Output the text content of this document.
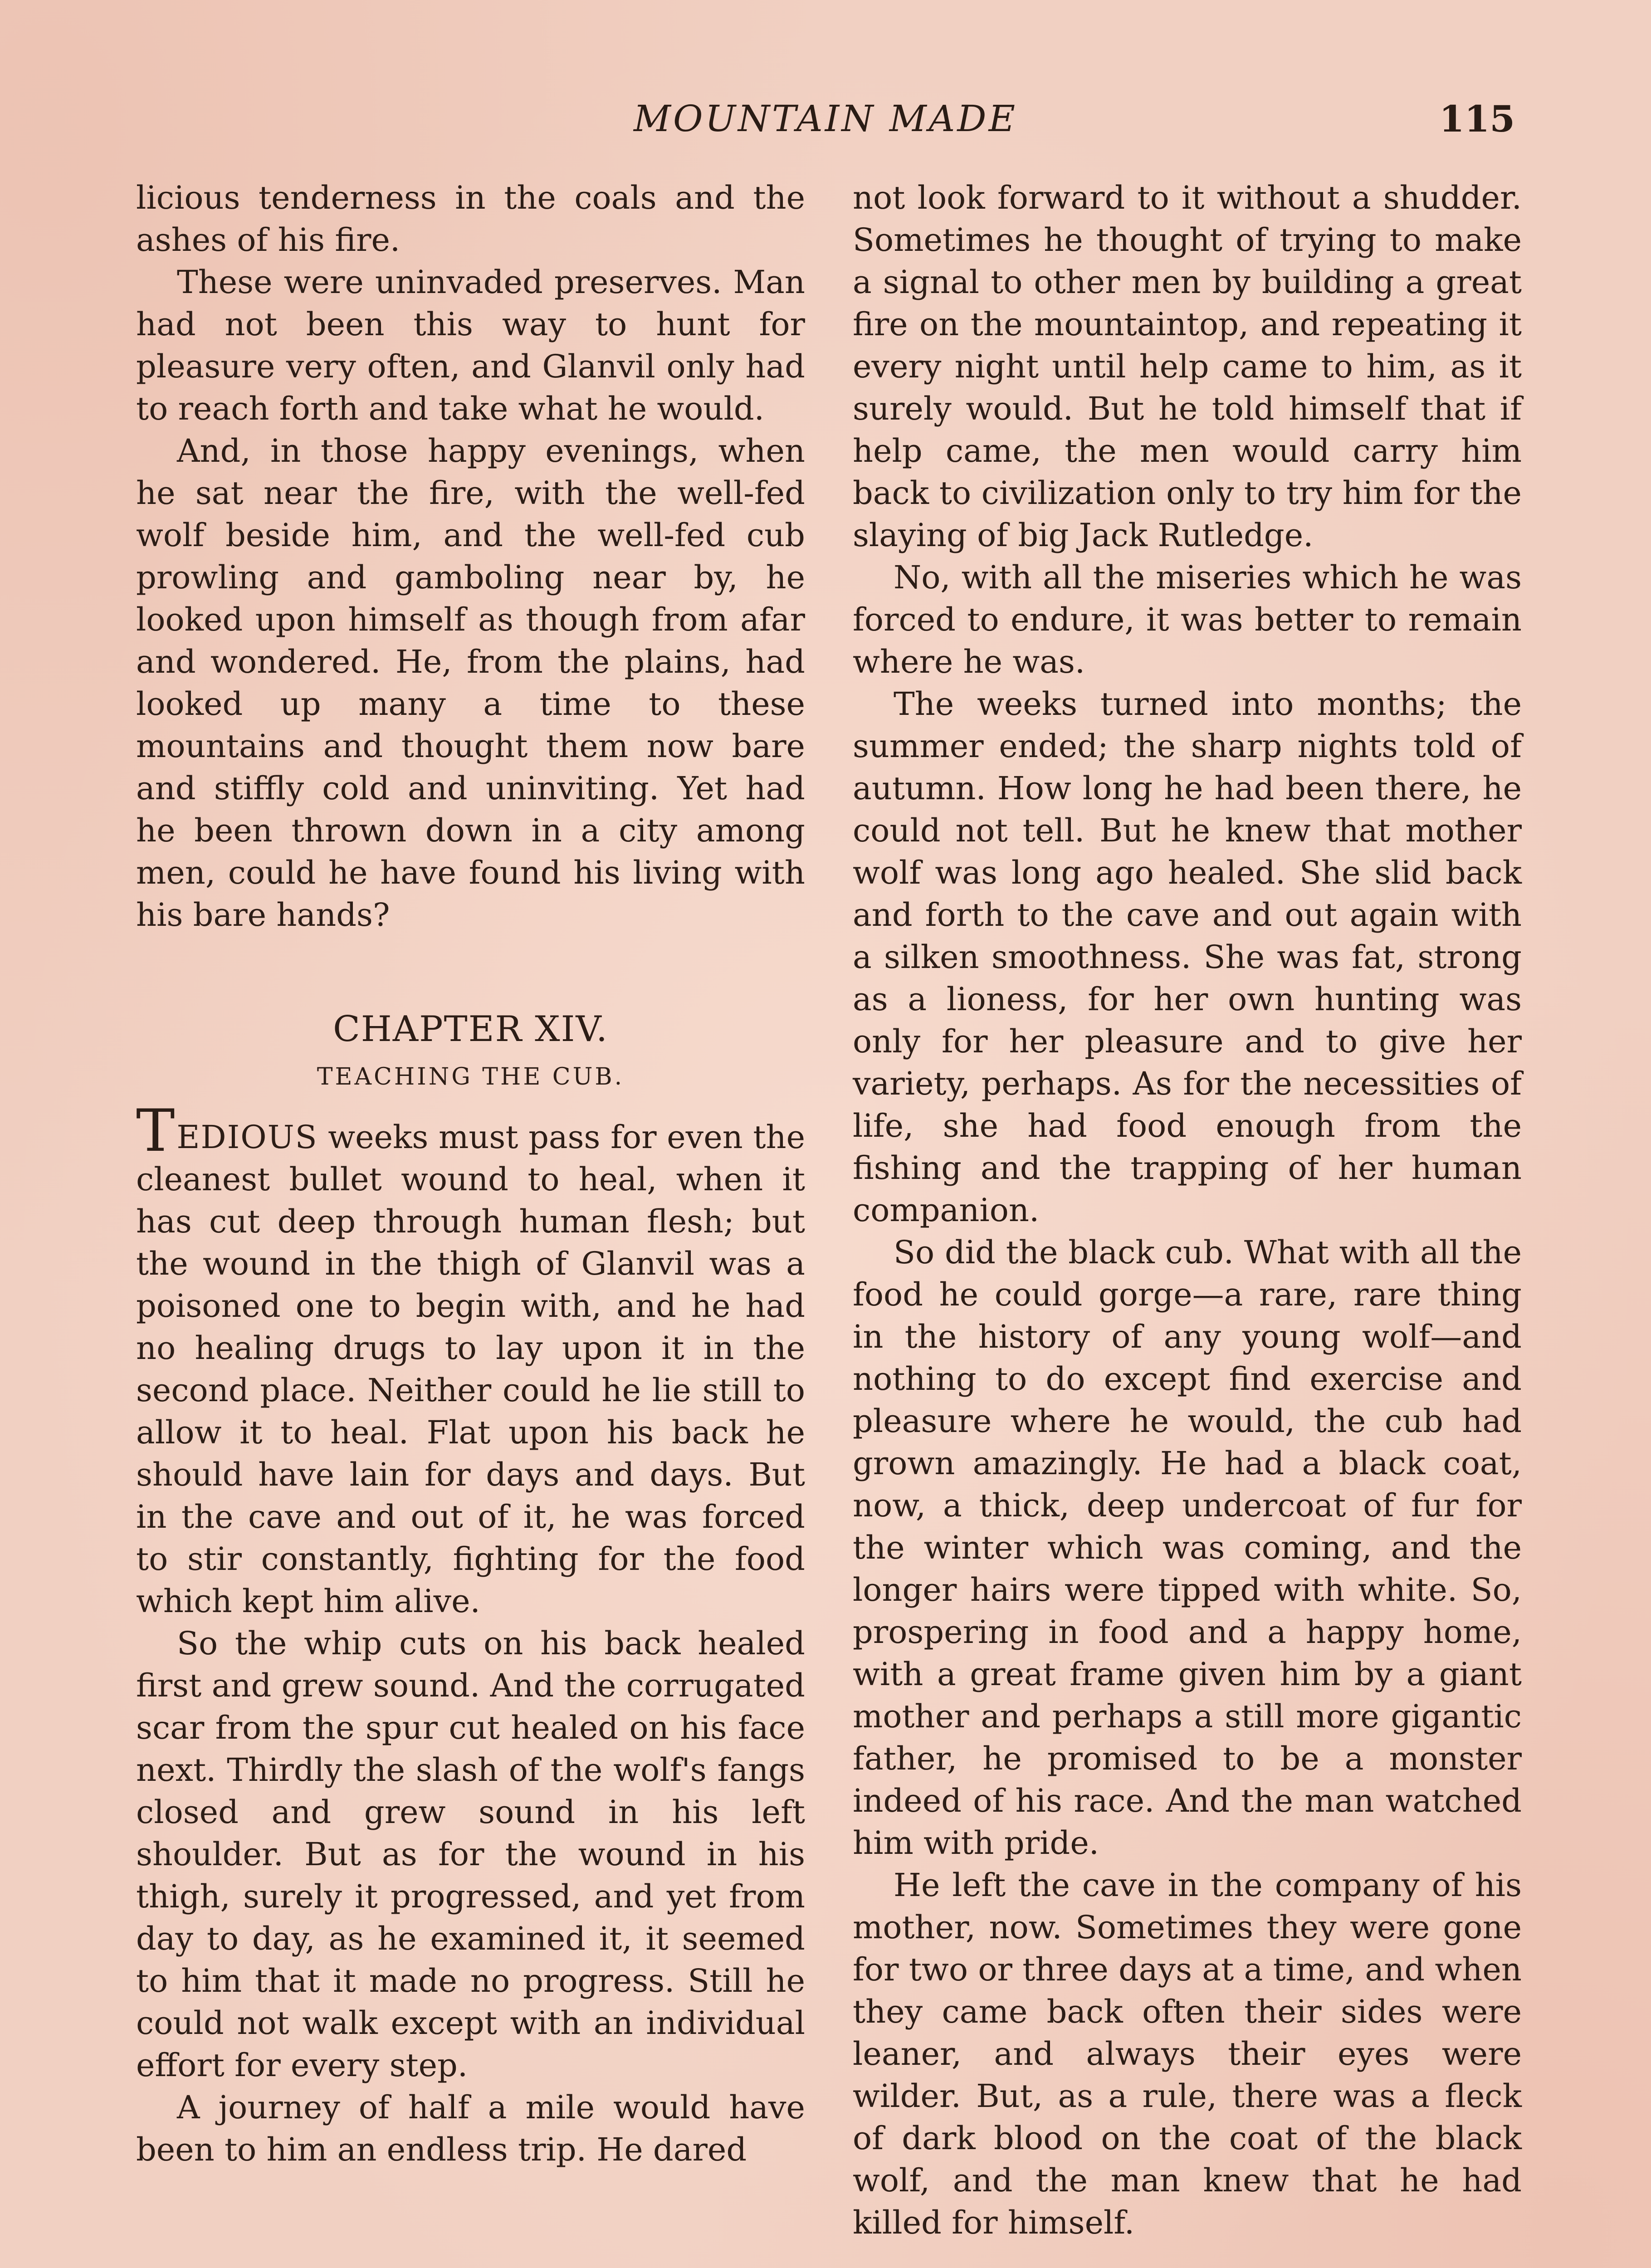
MOUNTAIN MADE	115

licious tenderness in the coals and the ashes of his fire.

These were uninvaded preserves. Man had not been this way to hunt for pleasure very often, and Glanvil only had to reach forth and take what he would.

And, in those happy evenings, when he sat near the fire, with the well-fed wolf beside him, and the well-fed cub prowling and gamboling near by, he looked upon himself as though from afar and wondered. He, from the plains, had looked up many a time to these mountains and thought them now bare and stiffly cold and uninviting. Yet had he been thrown down in a city among men, could he have found his living with his bare hands?

CHAPTER XIV.
TEACHING THE CUB.

TEDIOUS weeks must pass for even the cleanest bullet wound to heal, when it has cut deep through human flesh; but the wound in the thigh of Glanvil was a poisoned one to begin with, and he had no healing drugs to lay upon it in the second place. Neither could he lie still to allow it to heal. Flat upon his back he should have lain for days and days. But in the cave and out of it, he was forced to stir constantly, fighting for the food which kept him alive.

So the whip cuts on his back healed first and grew sound. And the corrugated scar from the spur cut healed on his face next. Thirdly the slash of the wolf's fangs closed and grew sound in his left shoulder. But as for the wound in his thigh, surely it progressed, and yet from day to day, as he examined it, it seemed to him that it made no progress. Still he could not walk except with an individual effort for every step.

A journey of half a mile would have been to him an endless trip. He dared

not look forward to it without a shudder. Sometimes he thought of trying to make a signal to other men by building a great fire on the mountaintop, and repeating it every night until help came to him, as it surely would. But he told himself that if help came, the men would carry him back to civilization only to try him for the slaying of big Jack Rutledge.

No, with all the miseries which he was forced to endure, it was better to remain where he was.

The weeks turned into months; the summer ended; the sharp nights told of autumn. How long he had been there, he could not tell. But he knew that mother wolf was long ago healed. She slid back and forth to the cave and out again with a silken smoothness. She was fat, strong as a lioness, for her own hunting was only for her pleasure and to give her variety, perhaps. As for the necessities of life, she had food enough from the fishing and the trapping of her human companion.

So did the black cub. What with all the food he could gorge—a rare, rare thing in the history of any young wolf—and nothing to do except find exercise and pleasure where he would, the cub had grown amazingly. He had a black coat, now, a thick, deep undercoat of fur for the winter which was coming, and the longer hairs were tipped with white. So, prospering in food and a happy home, with a great frame given him by a giant mother and perhaps a still more gigantic father, he promised to be a monster indeed of his race. And the man watched him with pride.

He left the cave in the company of his mother, now. Sometimes they were gone for two or three days at a time, and when they came back often their sides were leaner, and always their eyes were wilder. But, as a rule, there was a fleck of dark blood on the coat of the black wolf, and the man knew that he had killed for himself.
